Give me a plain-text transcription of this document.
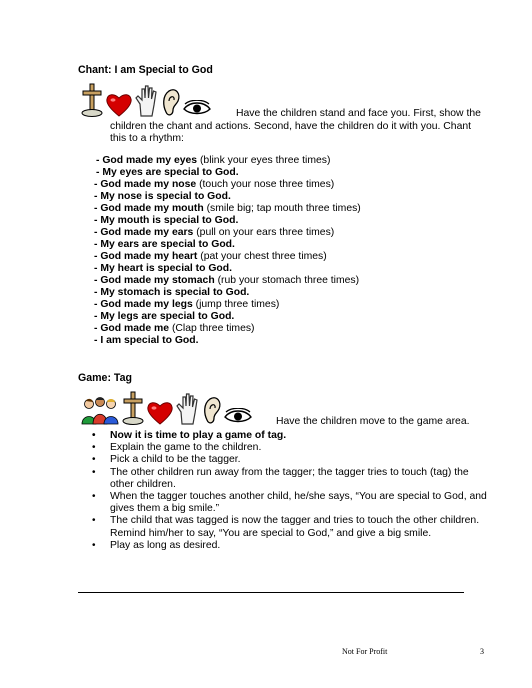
Chant: I am Special to God
Have the children stand and face you. First, show the
children the chant and actions. Second, have the children do it with you. Chant this to a rhythm:
- God made my eyes (blink your eyes three times)
- My eyes are special to God.
- God made my nose (touch your nose three times)
- My nose is special to God.
- God made my mouth (smile big; tap mouth three times)
- My mouth is special to God.
- God made my ears (pull on your ears three times)
- My ears are special to God.
- God made my heart (pat your chest three times)
- My heart is special to God.
- God made my stomach (rub your stomach three times)
- My stomach is special to God.
- God made my legs (jump three times)
- My legs are special to God.
- God made me (Clap three times)
- I am special to God.
Game: Tag
Have the children move to the game area.
• Now it is time to play a game of tag.
• Explain the game to the children.
• Pick a child to be the tagger.
• The other children run away from the tagger; the tagger tries to touch (tag) the other children.
• When the tagger touches another child, he/she says, “You are special to God, and gives them a big smile.”
• The child that was tagged is now the tagger and tries to touch the other children. Remind him/her to say, “You are special to God,” and give a big smile.
• Play as long as desired.
Not For Profit	3
